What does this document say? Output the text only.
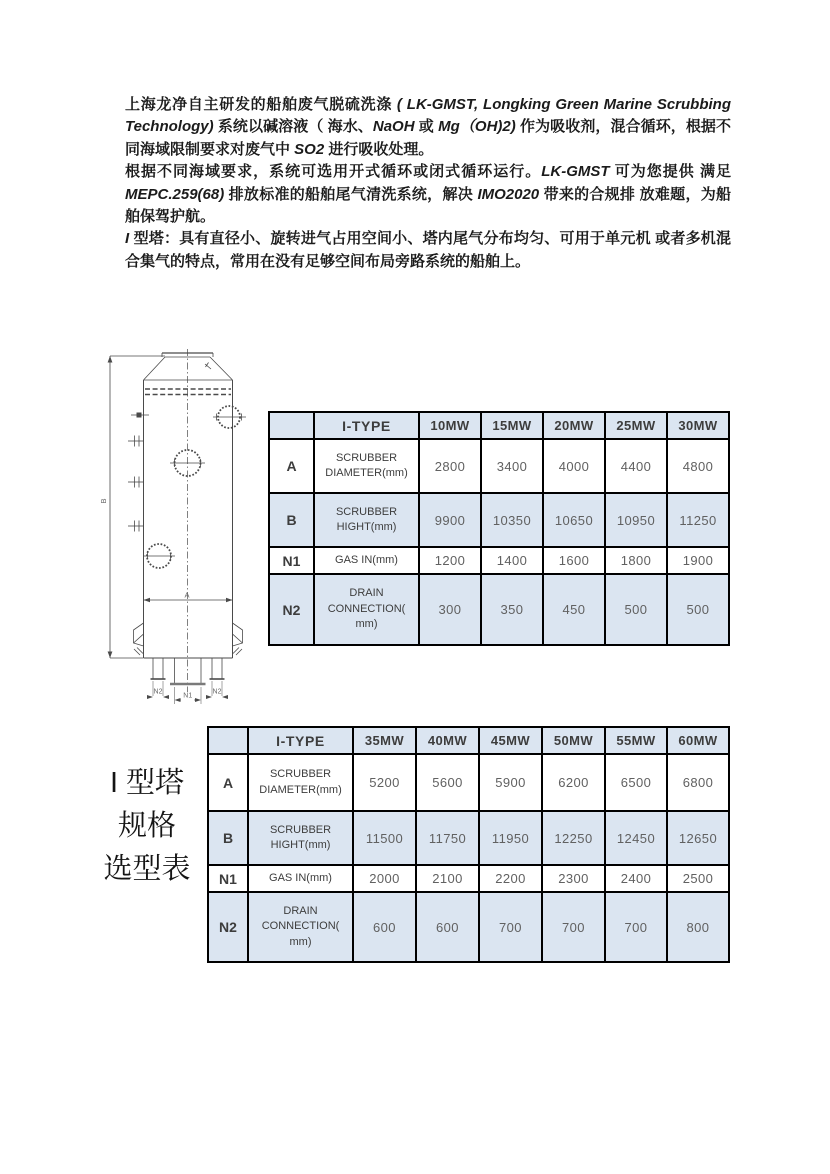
上海龙净自主研发的船舶废气脱硫洗涤 ( LK-GMST, Longking Green Marine Scrubbing Technology) 系统以碱溶液（ 海水、NaOH 或 Mg（OH)2) 作为吸收剂，混合循环，根据不同海域限制要求对废气中 SO2 进行吸收处理。

根据不同海域要求，系统可选用开式循环或闭式循环运行。LK-GMST 可为您提供 满足 MEPC.259(68) 排放标准的船舶尾气清洗系统，解决 IMO2020 带来的合规排 放难题，为船舶保驾护航。

I 型塔：具有直径小、旋转进气占用空间小、塔内尾气分布均匀、可用于单元机 或者多机混合集气的特点，常用在没有足够空间布局旁路系统的船舶上。

B
A
N2	N2
N1
I 型塔
规格
选型表
	I-TYPE	10MW	15MW	20MW	25MW	30MW
A	SCRUBBER
DIAMETER(mm)	2800	3400	4000	4400	4800
B	SCRUBBER
HIGHT(mm)	9900	10350	10650	10950	11250
N1	GAS IN(mm)	1200	1400	1600	1800	1900
N2	DRAIN
CONNECTION(
mm)	300	350	450	500	500
	I-TYPE	35MW	40MW	45MW	50MW	55MW	60MW
A	SCRUBBER
DIAMETER(mm)	5200	5600	5900	6200	6500	6800
B	SCRUBBER
HIGHT(mm)	11500	11750	11950	12250	12450	12650
N1	GAS IN(mm)	2000	2100	2200	2300	2400	2500
N2	DRAIN
CONNECTION(
mm)	600	600	700	700	700	800
